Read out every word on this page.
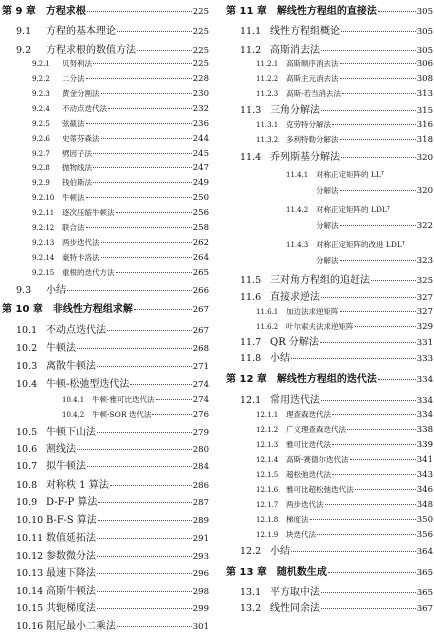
第 9 章 方程求根	225
9.1	方程的基本理论	225
9.2	方程求根的数值方法	225
9.2.1	贝努利法	225
9.2.2	二分法	228
9.2.3	黄金分割法	230
9.2.4	不动点迭代法	232
9.2.5	弦截法	236
9.2.6	史蒂芬森法	244
9.2.7	劈因子法	245
9.2.8	抛物线法	247
9.2.9	钱伯斯法	249
9.2.10	牛顿法	250
9.2.11	逐次压缩牛顿法	256
9.2.12	联合法	258
9.2.13	两步迭代法	262
9.2.14	豪特卡洛法	264
9.2.15	重根的迭代方法	265
9.3	小结	266
第 10 章 非线性方程组求解	267
10.1 不动点迭代法	267
10.2 牛顿法	268
10.3 离散牛顿法	271
10.4 牛顿-松弛型迭代法	274
10.4.1	牛顿-雅可比迭代法	274
10.4.2	牛顿-SOR 迭代法	276
10.5 牛顿下山法	279
10.6 割线法	280
10.7 拟牛顿法	284
10.8 对称秩 1 算法	286
10.9 D-F-P 算法	287
10.10 B-F-S 算法	289
10.11 数值延拓法	291
10.12 参数微分法	293
10.13 最速下降法	296
10.14 高斯牛顿法	298
10.15 共轭梯度法	299
10.16 阻尼最小二乘法	301
第 11 章 解线性方程组的直接法	305
11.1 线性方程组概论	305
11.2 高斯消去法	305
11.2.1	高斯顺序消去法	306
11.2.2	高斯主元消去法	308
11.2.3	高斯-若当消去法	313
11.3 三角分解法	315
11.3.1	克劳特分解法	316
11.3.2	多利特勒分解法	318
11.4 乔列斯基分解法	320
11.4.1	对称正定矩阵的 LLᵀ
分解法	320
11.4.2	对称正定矩阵的 LDLᵀ
分解法	322
11.4.3	对称正定矩阵的改进 LDLᵀ
分解法	323
11.5 三对角方程组的追赶法	325
11.6 直接求逆法	327
11.6.1	加边法求逆矩阵	327
11.6.2	叶尔索夫法求逆矩阵	329
11.7 QR 分解法	331
11.8 小结	333
第 12 章 解线性方程组的迭代法	334
12.1 常用迭代法	334
12.1.1	理查森迭代法	334
12.1.2	广义理查森迭代法	338
12.1.3	雅可比迭代法	339
12.1.4	高斯-赛德尔迭代法	341
12.1.5	超松弛迭代法	343
12.1.6	雅可比超松弛迭代法	346
12.1.7	两步迭代法	348
12.1.8	梯度法	350
12.1.9	块迭代法	356
12.2 小结	364
第 13 章 随机数生成	365
13.1 平方取中法	365
13.2 线性同余法	367
